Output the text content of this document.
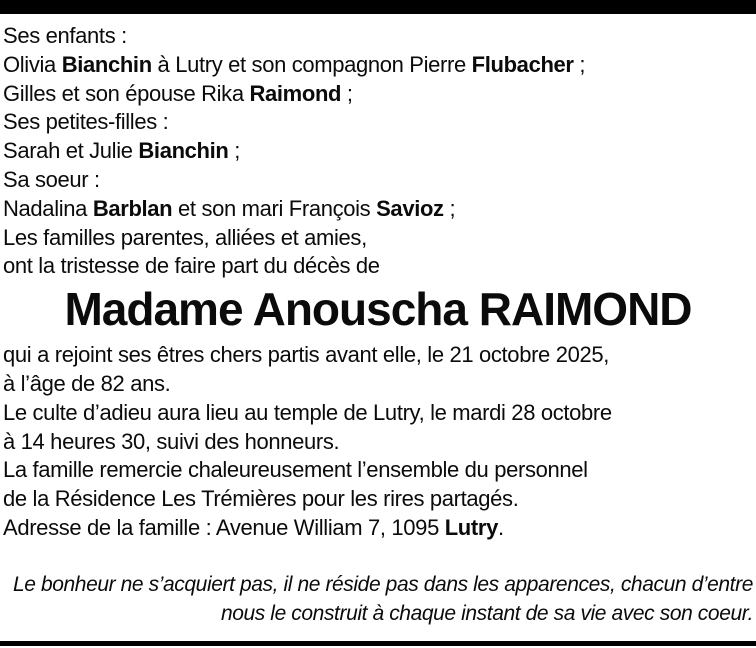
Ses enfants :
Olivia Bianchin à Lutry et son compagnon Pierre Flubacher ;
Gilles et son épouse Rika Raimond ;
Ses petites-filles :
Sarah et Julie Bianchin ;
Sa soeur :
Nadalina Barblan et son mari François Savioz ;
Les familles parentes, alliées et amies,
ont la tristesse de faire part du décès de
Madame Anouscha RAIMOND
qui a rejoint ses êtres chers partis avant elle, le 21 octobre 2025,
à l’âge de 82 ans.
Le culte d’adieu aura lieu au temple de Lutry, le mardi 28 octobre
à 14 heures 30, suivi des honneurs.
La famille remercie chaleureusement l’ensemble du personnel
de la Résidence Les Trémières pour les rires partagés.
Adresse de la famille : Avenue William 7, 1095 Lutry.
Le bonheur ne s’acquiert pas, il ne réside pas dans les apparences, chacun d’entre
nous le construit à chaque instant de sa vie avec son coeur.
